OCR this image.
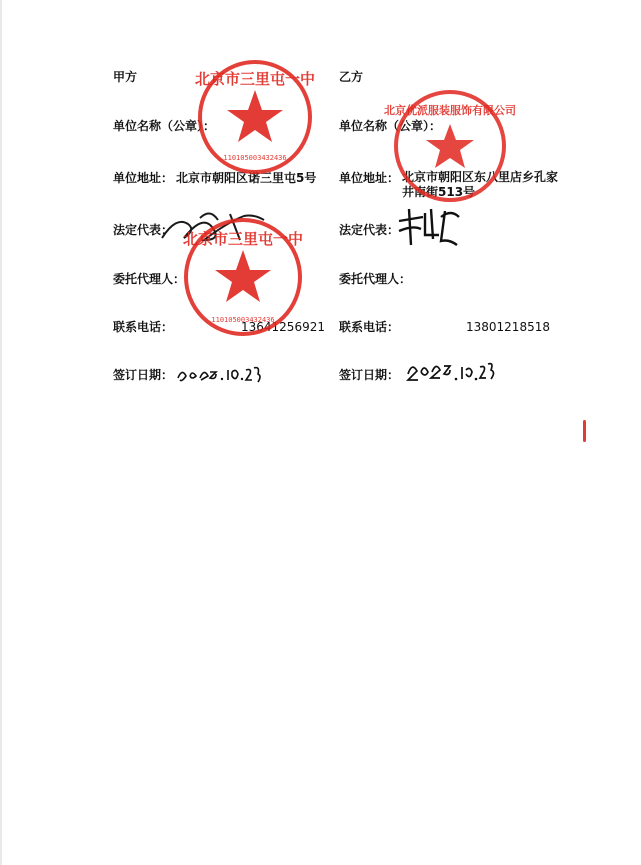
甲方
单位名称（公章）：
单位地址： 北京市朝阳区诺三里屯5号
法定代表：
委托代理人：
联系电话：	13641256921
签订日期：
乙方
单位名称（公章）：
单位地址： 北京市朝阳区东八里店乡孔家井南街513号
法定代表：
委托代理人：
联系电话：	13801218518
签订日期：
北京市三里屯一中
110105003432436
北京市三里屯一中
110105003432436
北京优派服装服饰有限公司
